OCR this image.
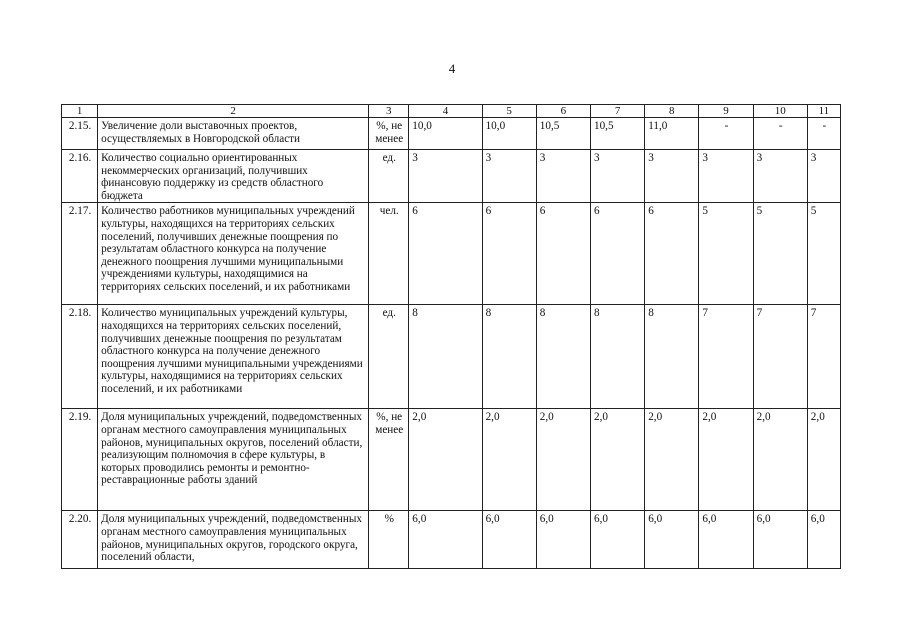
4
1	2	3	4	5	6	7	8	9	10	11
2.15.	Увеличение доли выставочных проектов, осуществляемых в Новгородской области	%, не менее	10,0	10,0	10,5	10,5	11,0	-	-	-
2.16.	Количество социально ориентированных некоммерческих организаций, получивших финансовую поддержку из средств областного бюджета	ед.	3	3	3	3	3	3	3	3
2.17.	Количество работников муниципальных учреждений культуры, находящихся на территориях сельских поселений, получивших денежные поощрения по результатам областного конкурса на получение денежного поощрения лучшими муниципальными учреждениями культуры, находящимися на территориях сельских поселений, и их работниками	чел.	6	6	6	6	6	5	5	5
2.18.	Количество муниципальных учреждений культуры, находящихся на территориях сельских поселений, получивших денежные поощрения по результатам областного конкурса на получение денежного поощрения лучшими муниципальными учреждениями культуры, находящимися на территориях сельских поселений, и их работниками	ед.	8	8	8	8	8	7	7	7
2.19.	Доля муниципальных учреждений, подведомственных органам местного самоуправления муниципальных районов, муниципальных округов, поселений области, реализующим полномочия в сфере культуры, в которых проводились ремонты и ремонтно-реставрационные работы зданий	%, не менее	2,0	2,0	2,0	2,0	2,0	2,0	2,0	2,0
2.20.	Доля муниципальных учреждений, подведомственных органам местного самоуправления муниципальных районов, муниципальных округов, городского округа, поселений области,	%	6,0	6,0	6,0	6,0	6,0	6,0	6,0	6,0
